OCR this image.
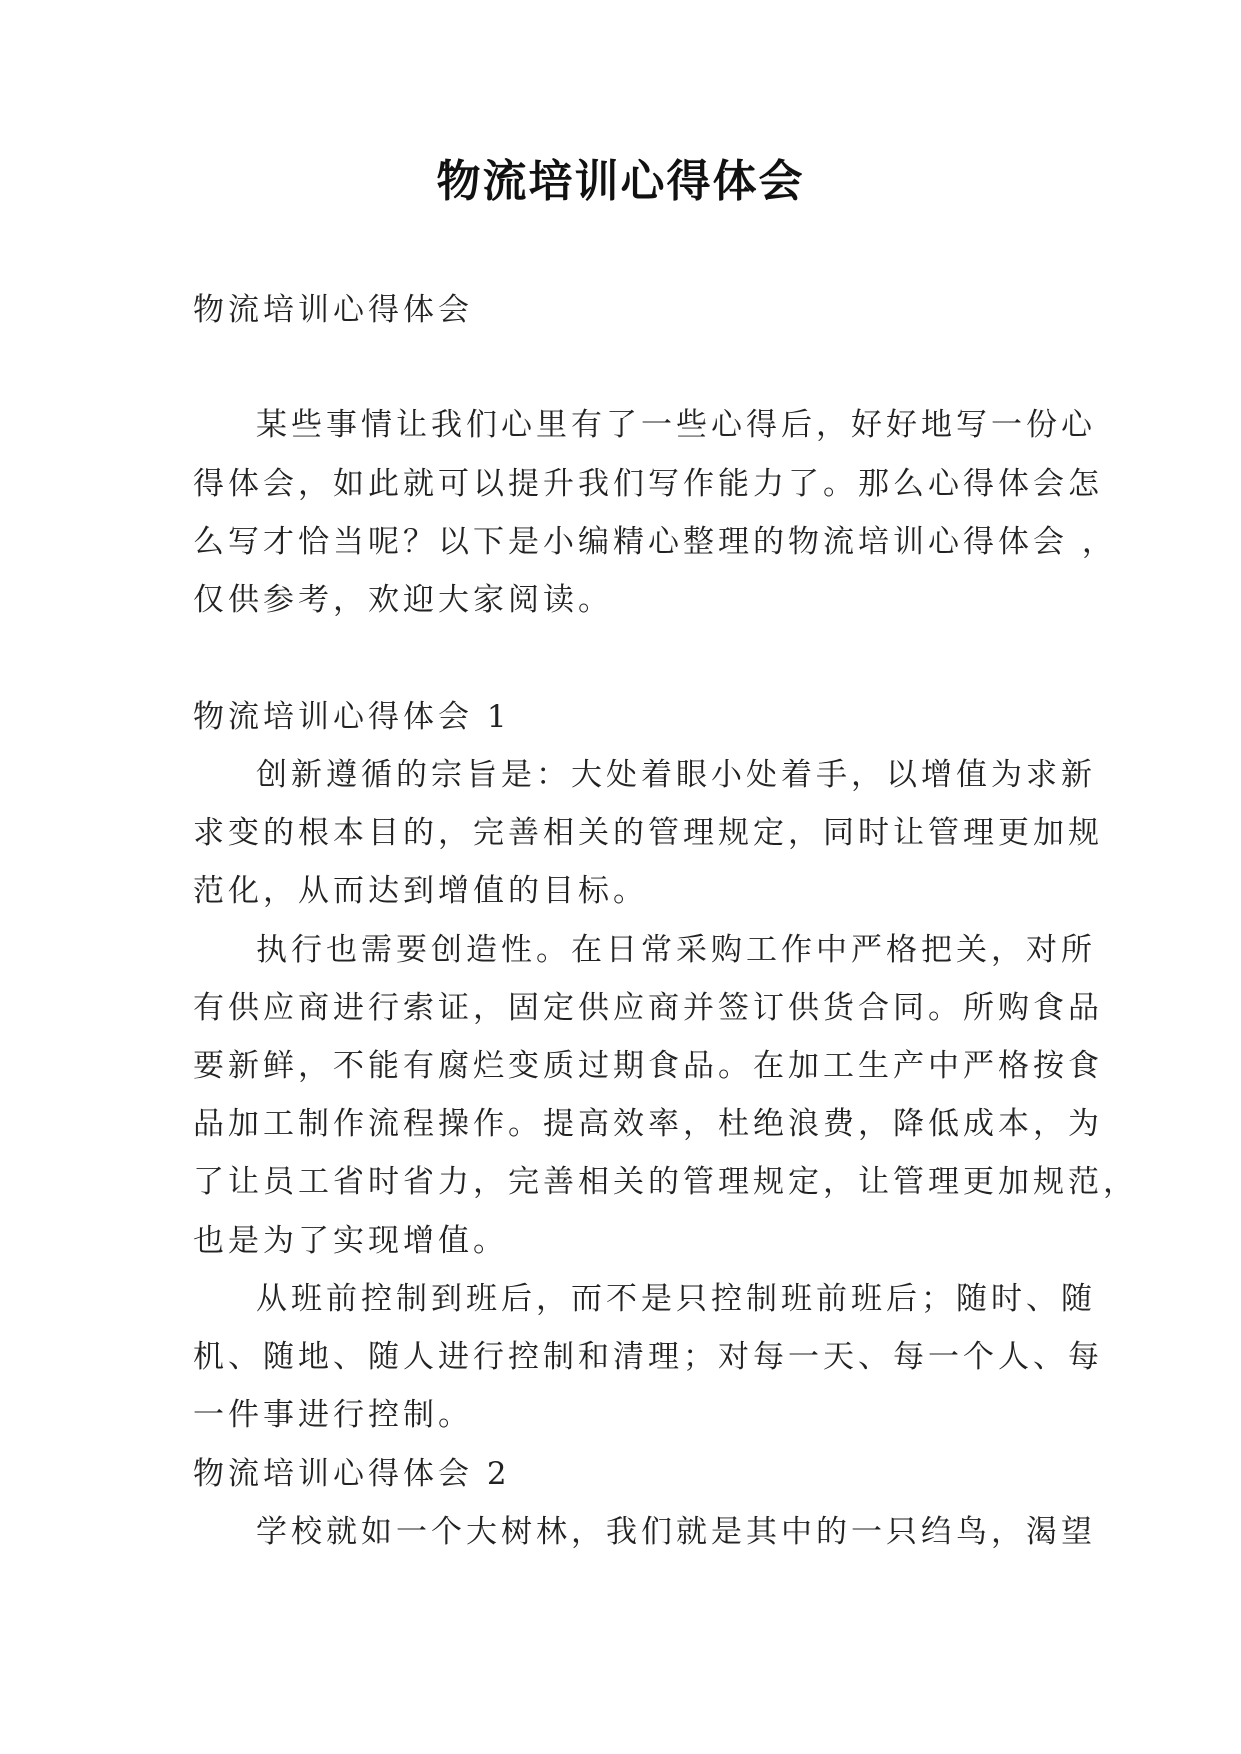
物流培训心得体会
物流培训心得体会
某些事情让我们心里有了一些心得后，好好地写一份心
得体会，如此就可以提升我们写作能力了。那么心得体会怎
么写才恰当呢？以下是小编精心整理的物流培训心得体会 ，
仅供参考，欢迎大家阅读。
物流培训心得体会 1
创新遵循的宗旨是：大处着眼小处着手，以增值为求新
求变的根本目的，完善相关的管理规定，同时让管理更加规
范化，从而达到增值的目标。
执行也需要创造性。在日常采购工作中严格把关，对所
有供应商进行索证，固定供应商并签订供货合同。所购食品
要新鲜，不能有腐烂变质过期食品。在加工生产中严格按食
品加工制作流程操作。提高效率，杜绝浪费，降低成本，为
了让员工省时省力，完善相关的管理规定，让管理更加规范，
也是为了实现增值。
从班前控制到班后，而不是只控制班前班后；随时、随
机、随地、随人进行控制和清理；对每一天、每一个人、每
一件事进行控制。
物流培训心得体会 2
学校就如一个大树林，我们就是其中的一只绉鸟，渴望
